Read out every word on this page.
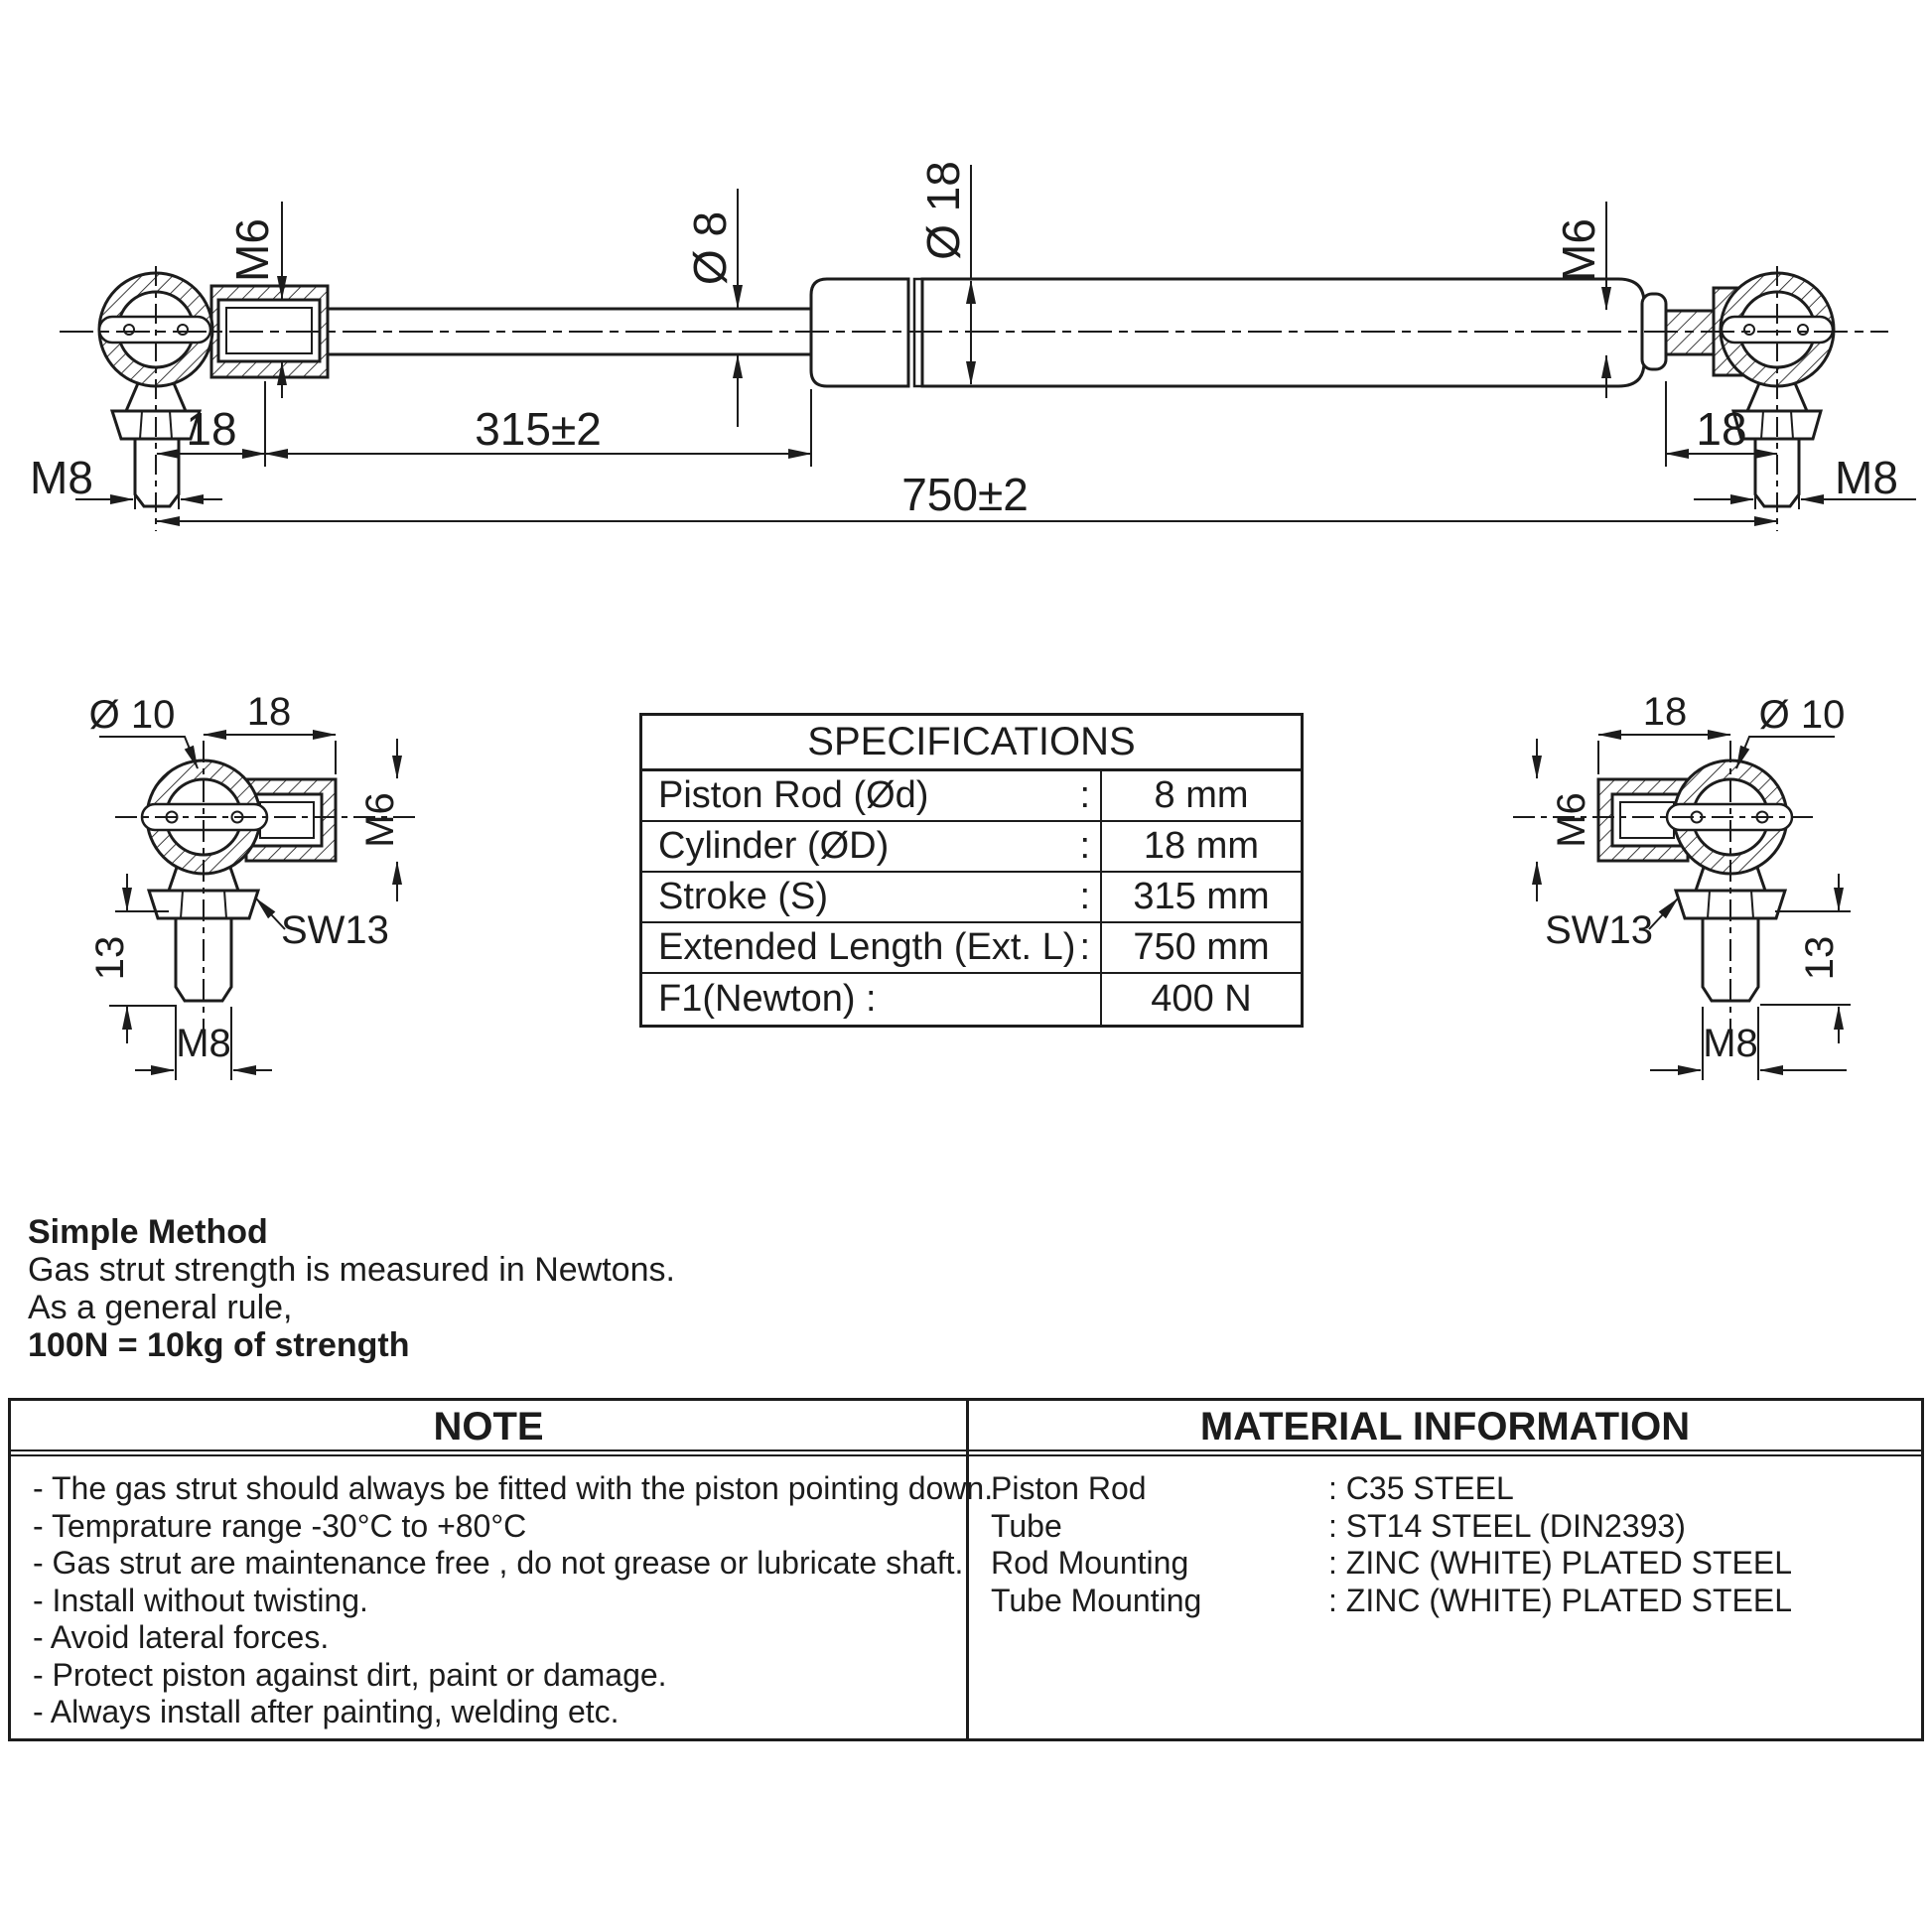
M6	Ø 8	Ø 18	M6
18	315±2
M8	750±2
18
M8
Ø 10 18
M6
SW13
13
M8
Ø 10
18
M6
SW13
13
M8
SPECIFICATIONS
Piston Rod (Ød)	:	8 mm
Cylinder (ØD)	:	18 mm
Stroke (S)	:	315 mm
Extended Length (Ext. L) :	750 mm
F1(Newton) :	400 N
Simple Method
Gas strut strength is measured in Newtons.
As a general rule,
100N = 10kg of strength
NOTE
- The gas strut should always be fitted with the piston pointing down.
- Temprature range -30°C to +80°C
- Gas strut are maintenance free , do not grease or lubricate shaft.
- Install without twisting.
- Avoid lateral forces.
- Protect piston against dirt, paint or damage.
- Always install after painting, welding etc.
MATERIAL INFORMATION
Piston Rod	: C35 STEEL
Tube	: ST14 STEEL (DIN2393)
Rod Mounting	: ZINC (WHITE) PLATED STEEL
Tube Mounting	: ZINC (WHITE) PLATED STEEL
